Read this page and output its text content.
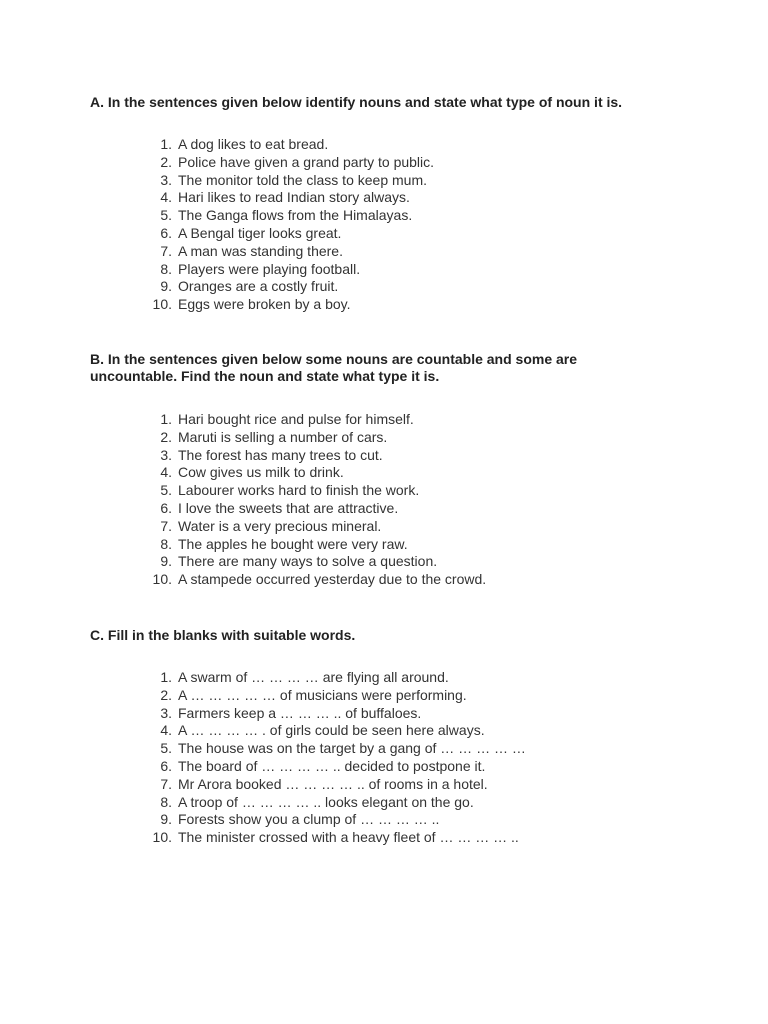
A. In the sentences given below identify nouns and state what type of noun it is.

1. A dog likes to eat bread.
2. Police have given a grand party to public.
3. The monitor told the class to keep mum.
4. Hari likes to read Indian story always.
5. The Ganga flows from the Himalayas.
6. A Bengal tiger looks great.
7. A man was standing there.
8. Players were playing football.
9. Oranges are a costly fruit.
10. Eggs were broken by a boy.

B. In the sentences given below some nouns are countable and some are
uncountable. Find the noun and state what type it is.

1. Hari bought rice and pulse for himself.
2. Maruti is selling a number of cars.
3. The forest has many trees to cut.
4. Cow gives us milk to drink.
5. Labourer works hard to finish the work.
6. I love the sweets that are attractive.
7. Water is a very precious mineral.
8. The apples he bought were very raw.
9. There are many ways to solve a question.
10. A stampede occurred yesterday due to the crowd.

C. Fill in the blanks with suitable words.

1. A swarm of … … … … are flying all around.
2. A … … … … … of musicians were performing.
3. Farmers keep a … … … .. of buffaloes.
4. A … … … … . of girls could be seen here always.
5. The house was on the target by a gang of … … … … …
6. The board of … … … … .. decided to postpone it.
7. Mr Arora booked … … … … .. of rooms in a hotel.
8. A troop of … … … … .. looks elegant on the go.
9. Forests show you a clump of … … … … ..
10. The minister crossed with a heavy fleet of … … … … ..
